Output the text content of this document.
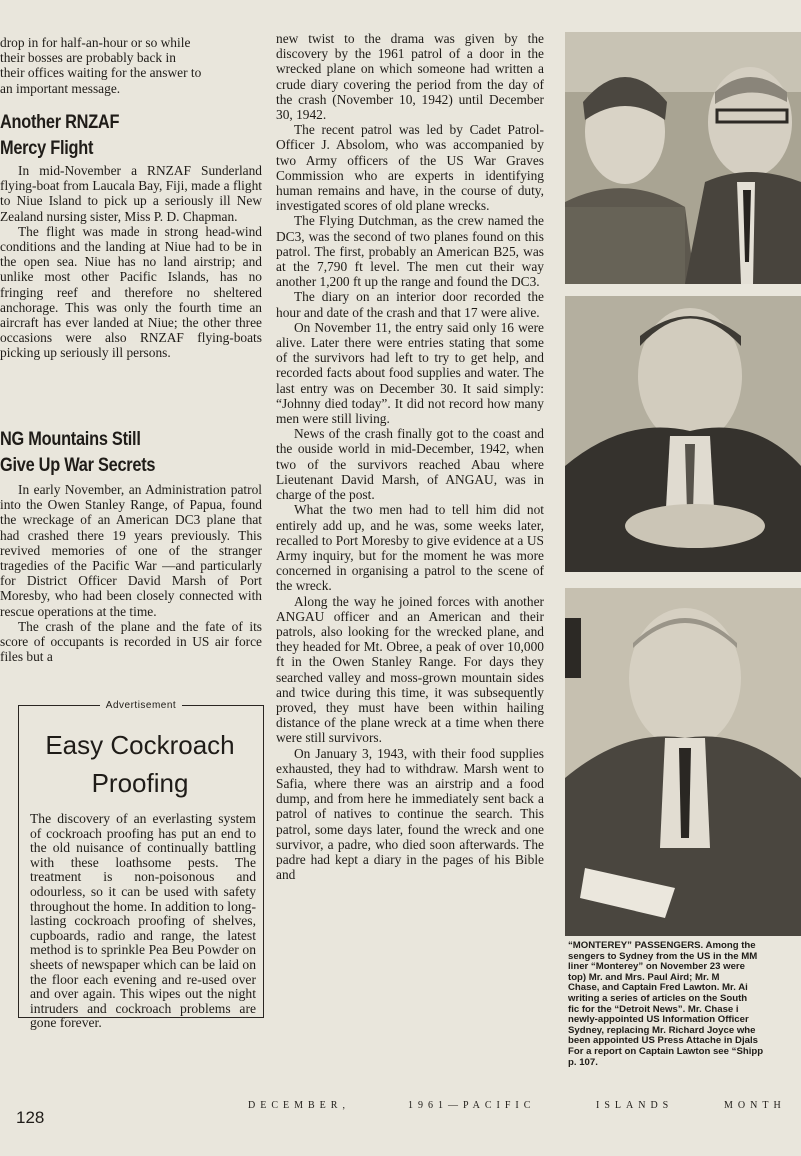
drop in for half-an-hour or so while
their bosses are probably back in
their offices waiting for the answer to
an important message.
Another RNZAF
Mercy Flight

In mid-November a RNZAF Sunderland flying-boat from Laucala Bay, Fiji, made a flight to Niue Island to pick up a seriously ill New Zealand nursing sister, Miss P. D. Chapman.

The flight was made in strong head-wind conditions and the landing at Niue had to be in the open sea. Niue has no land airstrip; and unlike most other Pacific Islands, has no fringing reef and therefore no sheltered anchorage. This was only the fourth time an aircraft has ever landed at Niue; the other three occasions were also RNZAF flying-boats picking up seriously ill persons.

NG Mountains Still
Give Up War Secrets

In early November, an Administration patrol into the Owen Stanley Range, of Papua, found the wreckage of an American DC3 plane that had crashed there 19 years previously. This revived memories of one of the stranger tragedies of the Pacific War —and particularly for District Officer David Marsh of Port Moresby, who had been closely connected with rescue operations at the time.

The crash of the plane and the fate of its score of occupants is recorded in US air force files but a

Advertisement
Easy Cockroach
Proofing

The discovery of an everlasting system of cockroach proofing has put an end to the old nuisance of continually battling with these loathsome pests. The treatment is non-poisonous and odourless, so it can be used with safety throughout the home. In addition to long-lasting cockroach proofing of shelves, cupboards, radio and range, the latest method is to sprinkle Pea Beu Powder on sheets of newspaper which can be laid on the floor each evening and re-used over and over again. This wipes out the night intruders and cockroach problems are gone forever.

new twist to the drama was given by the discovery by the 1961 patrol of a door in the wrecked plane on which someone had written a crude diary covering the period from the day of the crash (November 10, 1942) until December 30, 1942.

The recent patrol was led by Cadet Patrol-Officer J. Absolom, who was accompanied by two Army officers of the US War Graves Commission who are experts in identifying human remains and have, in the course of duty, investigated scores of old plane wrecks.

The Flying Dutchman, as the crew named the DC3, was the second of two planes found on this patrol. The first, probably an American B25, was at the 7,790 ft level. The men cut their way another 1,200 ft up the range and found the DC3.

The diary on an interior door recorded the hour and date of the crash and that 17 were alive.

On November 11, the entry said only 16 were alive. Later there were entries stating that some of the survivors had left to try to get help, and recorded facts about food supplies and water. The last entry was on December 30. It said simply: “Johnny died today”. It did not record how many men were still living.

News of the crash finally got to the coast and the ouside world in mid-December, 1942, when two of the survivors reached Abau where Lieutenant David Marsh, of ANGAU, was in charge of the post.

What the two men had to tell him did not entirely add up, and he was, some weeks later, recalled to Port Moresby to give evidence at a US Army inquiry, but for the moment he was more concerned in organising a patrol to the scene of the wreck.

Along the way he joined forces with another ANGAU officer and an American and their patrols, also looking for the wrecked plane, and they headed for Mt. Obree, a peak of over 10,000 ft in the Owen Stanley Range. For days they searched valley and moss-grown mountain sides and twice during this time, it was subsequently proved, they must have been within hailing distance of the plane wreck at a time when there were still survivors.

On January 3, 1943, with their food supplies exhausted, they had to withdraw. Marsh went to Safia, where there was an airstrip and a food dump, and from here he immediately sent back a patrol of natives to continue the search. This patrol, some days later, found the wreck and one survivor, a padre, who died soon afterwards. The padre had kept a diary in the pages of his Bible and

“MONTEREY” PASSENGERS. Among the
sengers to Sydney from the US in the MM
liner “Monterey” on November 23 were
top) Mr. and Mrs. Paul Aird; Mr. M
Chase, and Captain Fred Lawton. Mr. Ai
writing a series of articles on the South
fic for the “Detroit News”. Mr. Chase i
newly-appointed US Information Officer
Sydney, replacing Mr. Richard Joyce whe
been appointed US Press Attache in Djals
For a report on Captain Lawton see “Shipp
p. 107.
128
DECEMBER,	1961—PACIFIC	ISLANDS	MONTH
